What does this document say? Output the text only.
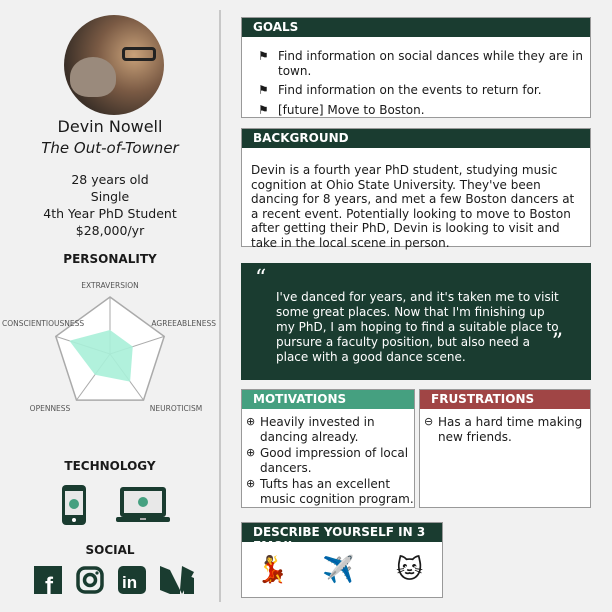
Devin Nowell
The Out-of-Towner
28 years old
Single
4th Year PhD Student
$28,000/yr
PERSONALITY
EXTRAVERSION
AGREEABLENESS
NEUROTICISM
OPENNESS
CONSCIENTIOUSNESS
TECHNOLOGY
SOCIAL
f	in
GOALS
⚑ Find information on social dances while they are in town.
⚑ Find information on the events to return for.
⚑ [future] Move to Boston.
BACKGROUND

Devin is a fourth year PhD student, studying music cognition at Ohio State University. They've been dancing for 8 years, and met a few Boston dancers at a recent event. Potentially looking to move to Boston after getting their PhD, Devin is looking to visit and take in the local scene in person.

“

I've danced for years, and it's taken me to visit some great places. Now that I'm finishing up my PhD, I am hoping to find a suitable place to pursure a faculty position, but also need a place with a good dance scene.

”
MOTIVATIONS
⊕ Heavily invested in dancing already.
⊕ Good impression of local dancers.
⊕ Tufts has an excellent music cognition program.
FRUSTRATIONS
⊖ Has a hard time making new friends.
DESCRIBE YOURSELF IN 3 EMOJI
💃 ✈️ 🐱
